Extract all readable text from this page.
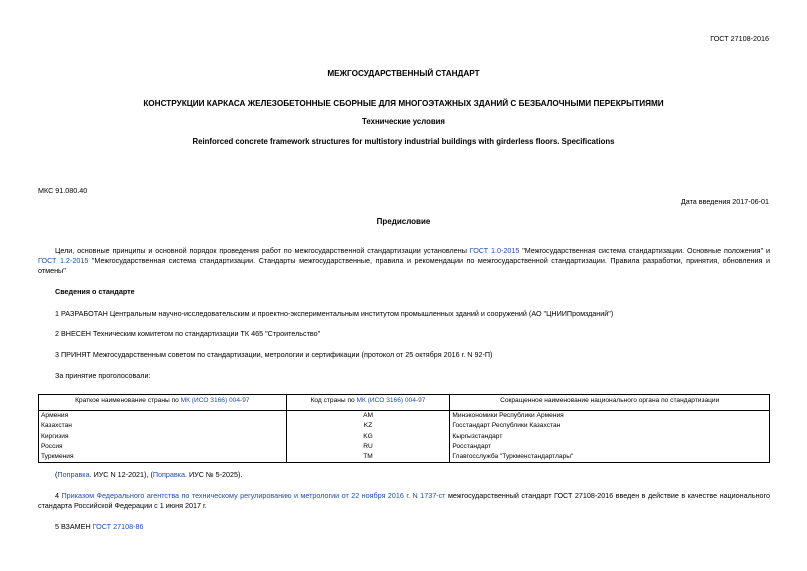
ГОСТ 27108-2016
МЕЖГОСУДАРСТВЕННЫЙ СТАНДАРТ
КОНСТРУКЦИИ КАРКАСА ЖЕЛЕЗОБЕТОННЫЕ СБОРНЫЕ ДЛЯ МНОГОЭТАЖНЫХ ЗДАНИЙ С БЕЗБАЛОЧНЫМИ ПЕРЕКРЫТИЯМИ
Технические условия
Reinforced concrete framework structures for multistory industrial buildings with girderless floors. Specifications
МКС 91.080.40
Дата введения 2017-06-01
Предисловие
Цели, основные принципы и основной порядок проведения работ по межгосударственной стандартизации установлены ГОСТ 1.0-2015 "Межгосударственная система стандартизации. Основные положения" и ГОСТ 1.2-2015 "Межгосударственная система стандартизации. Стандарты межгосударственные, правила и рекомендации по межгосударственной стандартизации. Правила разработки, принятия, обновления и отмены"
Сведения о стандарте
1 РАЗРАБОТАН Центральным научно-исследовательским и проектно-экспериментальным институтом промышленных зданий и сооружений (АО "ЦНИИПромзданий")
2 ВНЕСЕН Техническим комитетом по стандартизации ТК 465 "Строительство"
3 ПРИНЯТ Межгосударственным советом по стандартизации, метрологии и сертификации (протокол от 25 октября 2016 г. N 92-П)
За принятие проголосовали:
Краткое наименование страны по МК (ИСО 3166) 004-97	Код страны по МК (ИСО 3166) 004-97	Сокращенное наименование национального органа по стандартизации
Армения	AM	Минэкономики Республики Армения
Казахстан	KZ	Госстандарт Республики Казахстан
Киргизия	KG	Кыргызстандарт
Россия	RU	Росстандарт
Туркмения	TM	Главгосслужба "Туркменстандартлары"
(Поправка. ИУС N 12-2021), (Поправка. ИУС № 5-2025).
4 Приказом Федерального агентства по техническому регулированию и метрологии от 22 ноября 2016 г. N 1737-ст межгосударственный стандарт ГОСТ 27108-2016 введен в действие в качестве национального стандарта Российской Федерации с 1 июня 2017 г.
5 ВЗАМЕН ГОСТ 27108-86
